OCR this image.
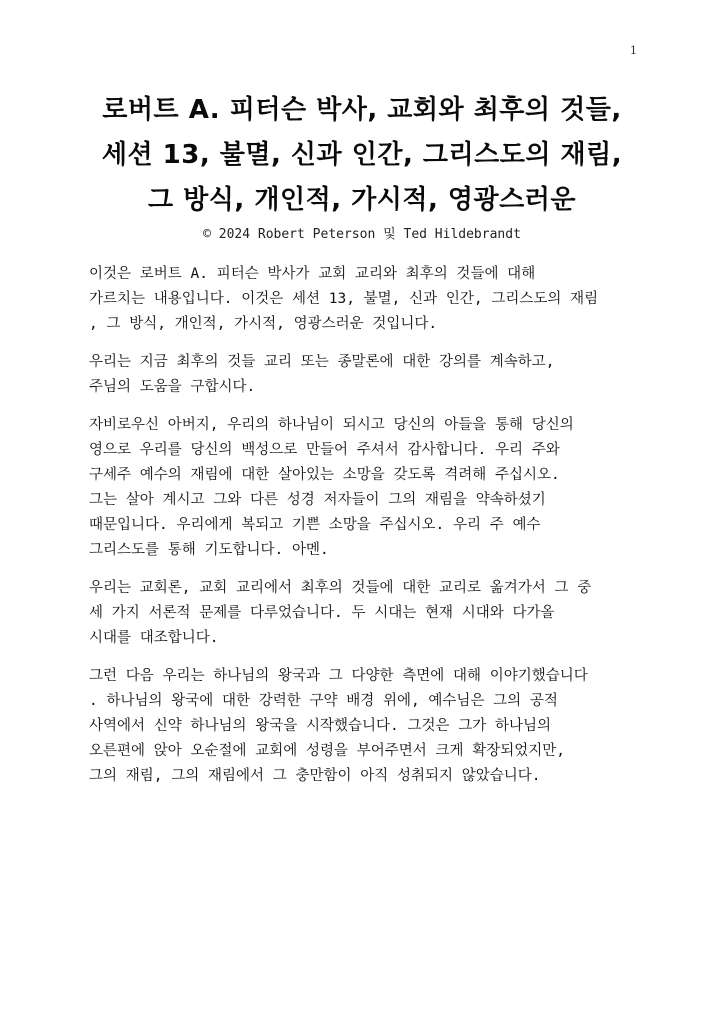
1
로버트 A. 피터슨 박사, 교회와 최후의 것들,
세션 13, 불멸, 신과 인간, 그리스도의 재림,
그 방식, 개인적, 가시적, 영광스러운
© 2024 Robert Peterson 및 Ted Hildebrandt
이것은 로버트 A. 피터슨 박사가 교회 교리와 최후의 것들에 대해
가르치는 내용입니다. 이것은 세션 13, 불멸, 신과 인간, 그리스도의 재림
, 그 방식, 개인적, 가시적, 영광스러운 것입니다.
우리는 지금 최후의 것들 교리 또는 종말론에 대한 강의를 계속하고,
주님의 도움을 구합시다.
자비로우신 아버지, 우리의 하나님이 되시고 당신의 아들을 통해 당신의
영으로 우리를 당신의 백성으로 만들어 주셔서 감사합니다. 우리 주와
구세주 예수의 재림에 대한 살아있는 소망을 갖도록 격려해 주십시오.
그는 살아 계시고 그와 다른 성경 저자들이 그의 재림을 약속하셨기
때문입니다. 우리에게 복되고 기쁜 소망을 주십시오. 우리 주 예수
그리스도를 통해 기도합니다. 아멘.
우리는 교회론, 교회 교리에서 최후의 것들에 대한 교리로 옮겨가서 그 중
세 가지 서론적 문제를 다루었습니다. 두 시대는 현재 시대와 다가올
시대를 대조합니다.
그런 다음 우리는 하나님의 왕국과 그 다양한 측면에 대해 이야기했습니다
. 하나님의 왕국에 대한 강력한 구약 배경 위에, 예수님은 그의 공적
사역에서 신약 하나님의 왕국을 시작했습니다. 그것은 그가 하나님의
오른편에 앉아 오순절에 교회에 성령을 부어주면서 크게 확장되었지만,
그의 재림, 그의 재림에서 그 충만함이 아직 성취되지 않았습니다.
